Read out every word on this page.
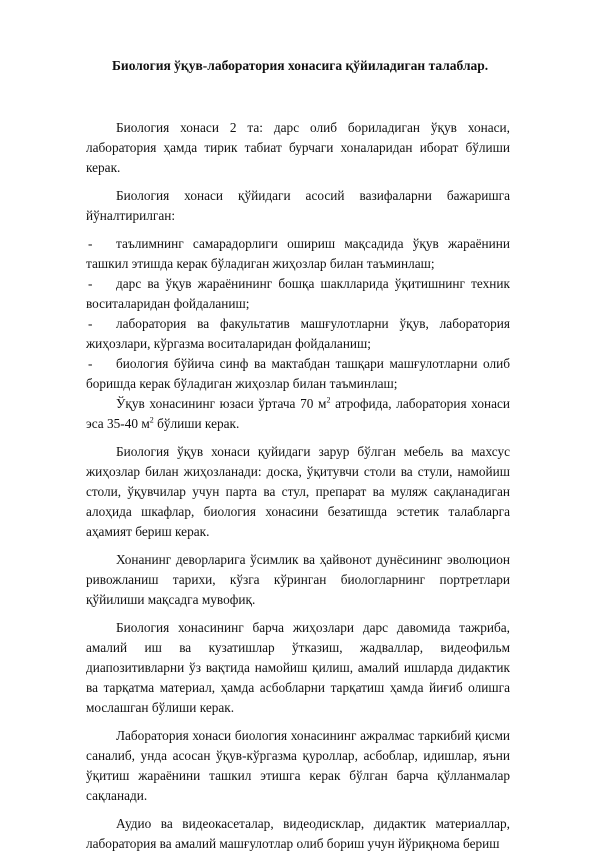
Биология ўқув-лаборатория хонасига қўйиладиган талаблар.

Биология хонаси 2 та: дарс олиб бориладиган ўқув хонаси, лаборатория ҳамда тирик табиат бурчаги хоналаридан иборат бўлиши керак.

Биология хонаси қўйидаги асосий вазифаларни бажаришга йўналтирилган:

- таълимнинг самарадорлиги ошириш мақсадида ўқув жараёнини ташкил этишда керак бўладиган жиҳозлар билан таъминлаш;
- дарс ва ўқув жараёнининг бошқа шаклларида ўқитишнинг техник воситаларидан фойдаланиш;
- лаборатория ва факультатив машғулотларни ўқув, лаборатория жиҳозлари, кўргазма воситаларидан фойдаланиш;
- биология бўйича синф ва мактабдан ташқари машғулотларни олиб боришда керак бўладиган жиҳозлар билан таъминлаш;

Ўқув хонасининг юзаси ўртача 70 $м^2$ атрофида, лаборатория хонаси эса 35-40 $м^2$ бўлиши керак.

Биология ўқув хонаси қуйидаги зарур бўлган мебель ва махсус жиҳозлар билан жиҳозланади: доска, ўқитувчи столи ва стули, намойиш столи, ўқувчилар учун парта ва стул, препарат ва муляж сақланадиган алоҳида шкафлар, биология хонасини безатишда эстетик талабларга аҳамият бериш керак.

Хонанинг деворларига ўсимлик ва ҳайвонот дунёсининг эволюцион ривожланиш тарихи, кўзга кўринган биологларнинг портретлари қўйилиши мақсадга мувофиқ.

Биология хонасининг барча жиҳозлари дарс давомида тажриба, амалий иш ва кузатишлар ўтказиш, жадваллар, видеофильм диапозитивларни ўз вақтида намойиш қилиш, амалий ишларда дидактик ва тарқатма материал, ҳамда асбобларни тарқатиш ҳамда йиғиб олишга мослашган бўлиши керак.

Лаборатория хонаси биология хонасининг ажралмас таркибий қисми саналиб, унда асосан ўқув-кўргазма қуроллар, асбоблар, идишлар, яъни ўқитиш жараёнини ташкил этишга керак бўлган барча қўлланмалар сақланади.

Аудио ва видеокасеталар, видеодисклар, дидактик материаллар, лаборатория ва амалий машғулотлар олиб бориш учун йўриқнома бериш
